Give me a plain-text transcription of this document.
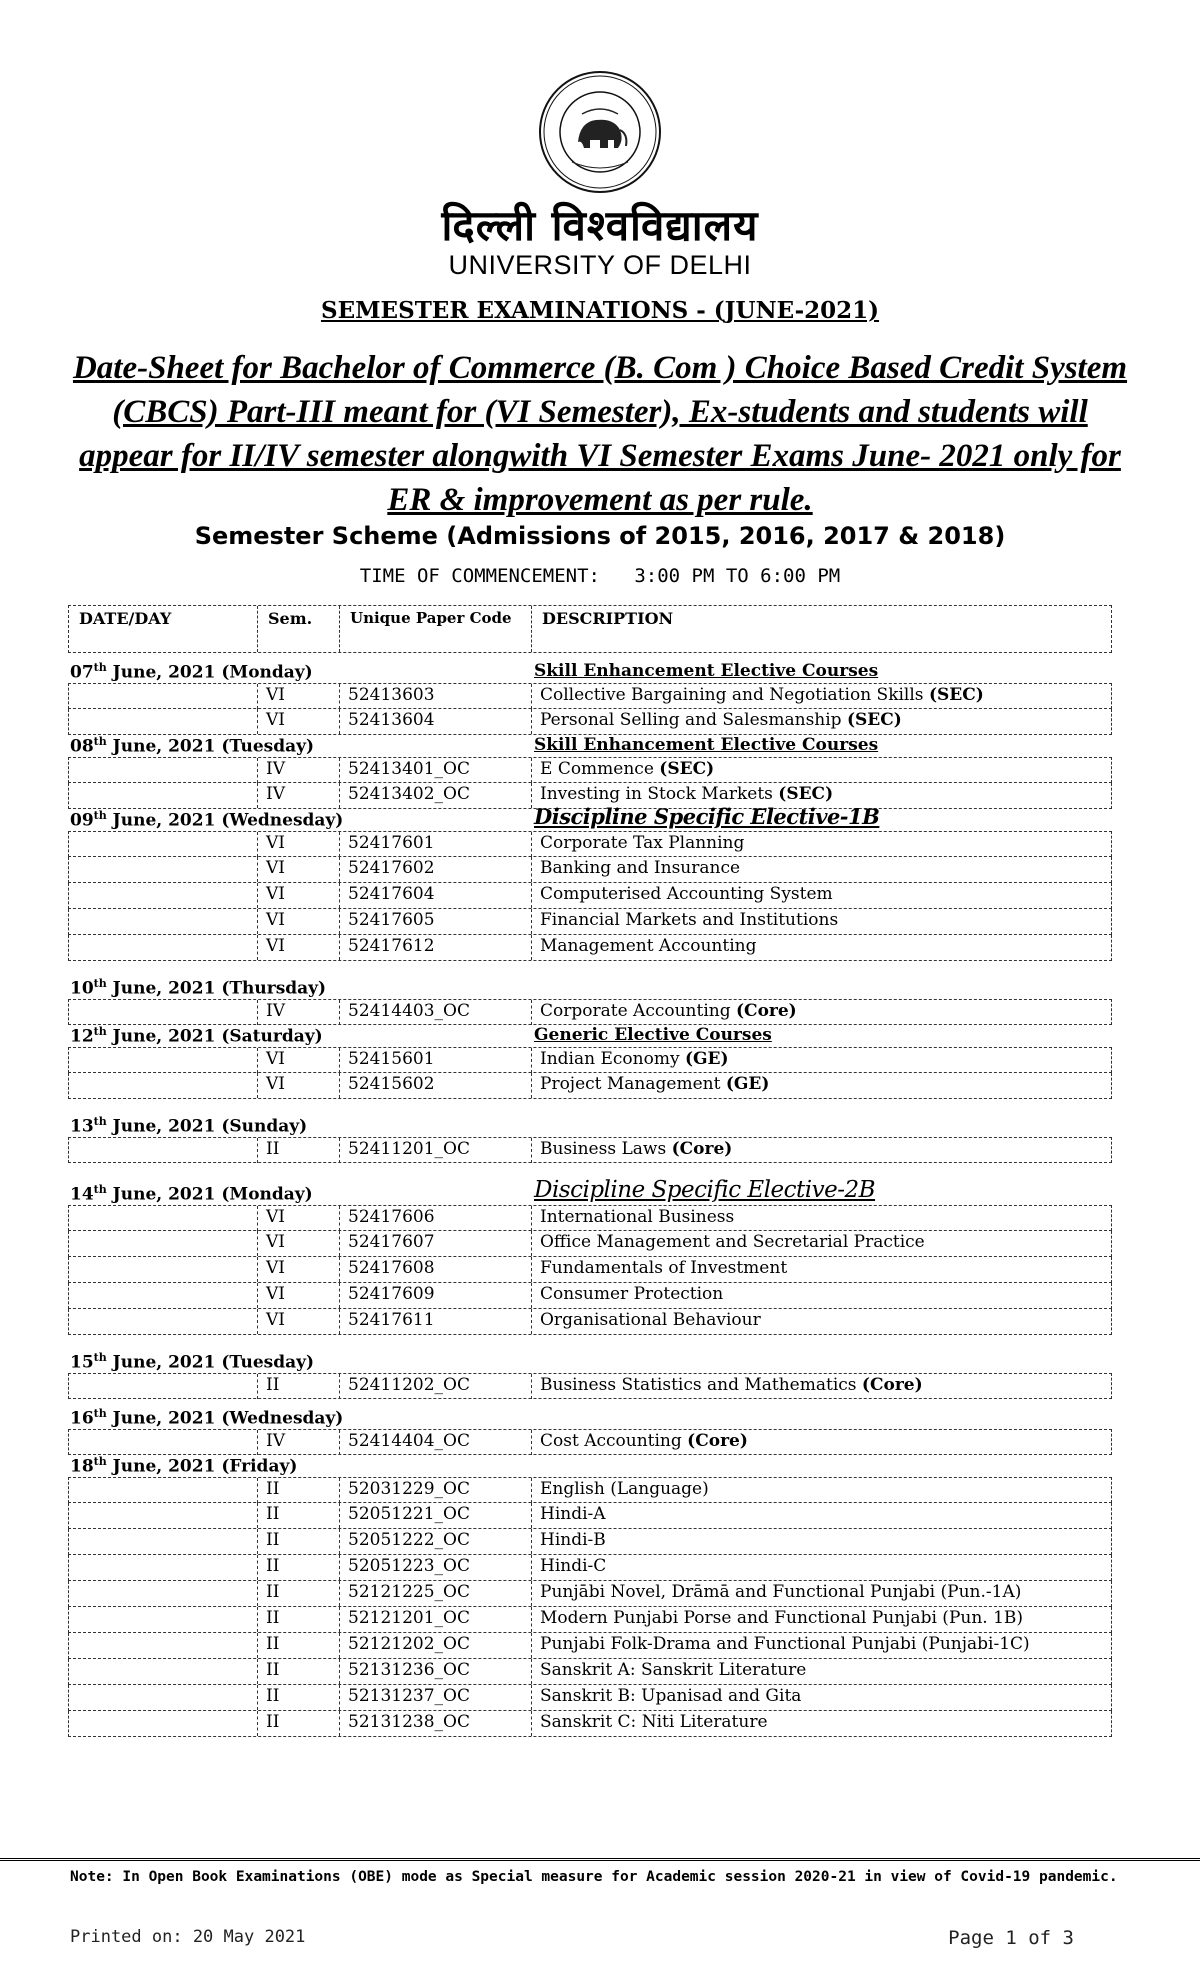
दिल्ली विश्वविद्यालय
UNIVERSITY OF DELHI
SEMESTER EXAMINATIONS - (JUNE-2021)
Date-Sheet for Bachelor of Commerce (B. Com ) Choice Based Credit System (CBCS) Part-III meant for (VI Semester), Ex-students and students will appear for II/IV semester alongwith VI Semester Exams June- 2021 only for ER & improvement as per rule.
Semester Scheme (Admissions of 2015, 2016, 2017 & 2018)
TIME OF COMMENCEMENT:   3:00 PM TO 6:00 PM
DATE/DAY	Sem.	Unique Paper Code	DESCRIPTION
07th June, 2021 (Monday)	Skill Enhancement Elective Courses
VI	52413603	Collective Bargaining and Negotiation Skills (SEC)
VI	52413604	Personal Selling and Salesmanship (SEC)
08th June, 2021 (Tuesday)	Skill Enhancement Elective Courses
IV	52413401_OC	E Commence (SEC)
IV	52413402_OC	Investing in Stock Markets (SEC)
09th June, 2021 (Wednesday)	Discipline Specific Elective-1B
VI	52417601	Corporate Tax Planning
VI	52417602	Banking and Insurance
VI	52417604	Computerised Accounting System
VI	52417605	Financial Markets and Institutions
VI	52417612	Management Accounting
10th June, 2021 (Thursday)
IV	52414403_OC	Corporate Accounting (Core)
12th June, 2021 (Saturday)	Generic Elective Courses
VI	52415601	Indian Economy (GE)
VI	52415602	Project Management (GE)
13th June, 2021 (Sunday)
II	52411201_OC	Business Laws (Core)
14th June, 2021 (Monday)	Discipline Specific Elective-2B
VI	52417606	International Business
VI	52417607	Office Management and Secretarial Practice
VI	52417608	Fundamentals of Investment
VI	52417609	Consumer Protection
VI	52417611	Organisational Behaviour
15th June, 2021 (Tuesday)
II	52411202_OC	Business Statistics and Mathematics (Core)
16th June, 2021 (Wednesday)
IV	52414404_OC	Cost Accounting (Core)
18th June, 2021 (Friday)
II	52031229_OC	English (Language)
II	52051221_OC	Hindi-A
II	52051222_OC	Hindi-B
II	52051223_OC	Hindi-C
II	52121225_OC	Punjābi Novel, Drāmā and Functional Punjabi (Pun.-1A)
II	52121201_OC	Modern Punjabi Porse and Functional Punjabi (Pun. 1B)
II	52121202_OC	Punjabi Folk-Drama and Functional Punjabi (Punjabi-1C)
II	52131236_OC	Sanskrit A: Sanskrit Literature
II	52131237_OC	Sanskrit B: Upanisad and Gita
II	52131238_OC	Sanskrit C: Niti Literature
Note: In Open Book Examinations (OBE) mode as Special measure for Academic session 2020-21 in view of Covid-19 pandemic.
Printed on: 20 May 2021	Page 1 of 3
